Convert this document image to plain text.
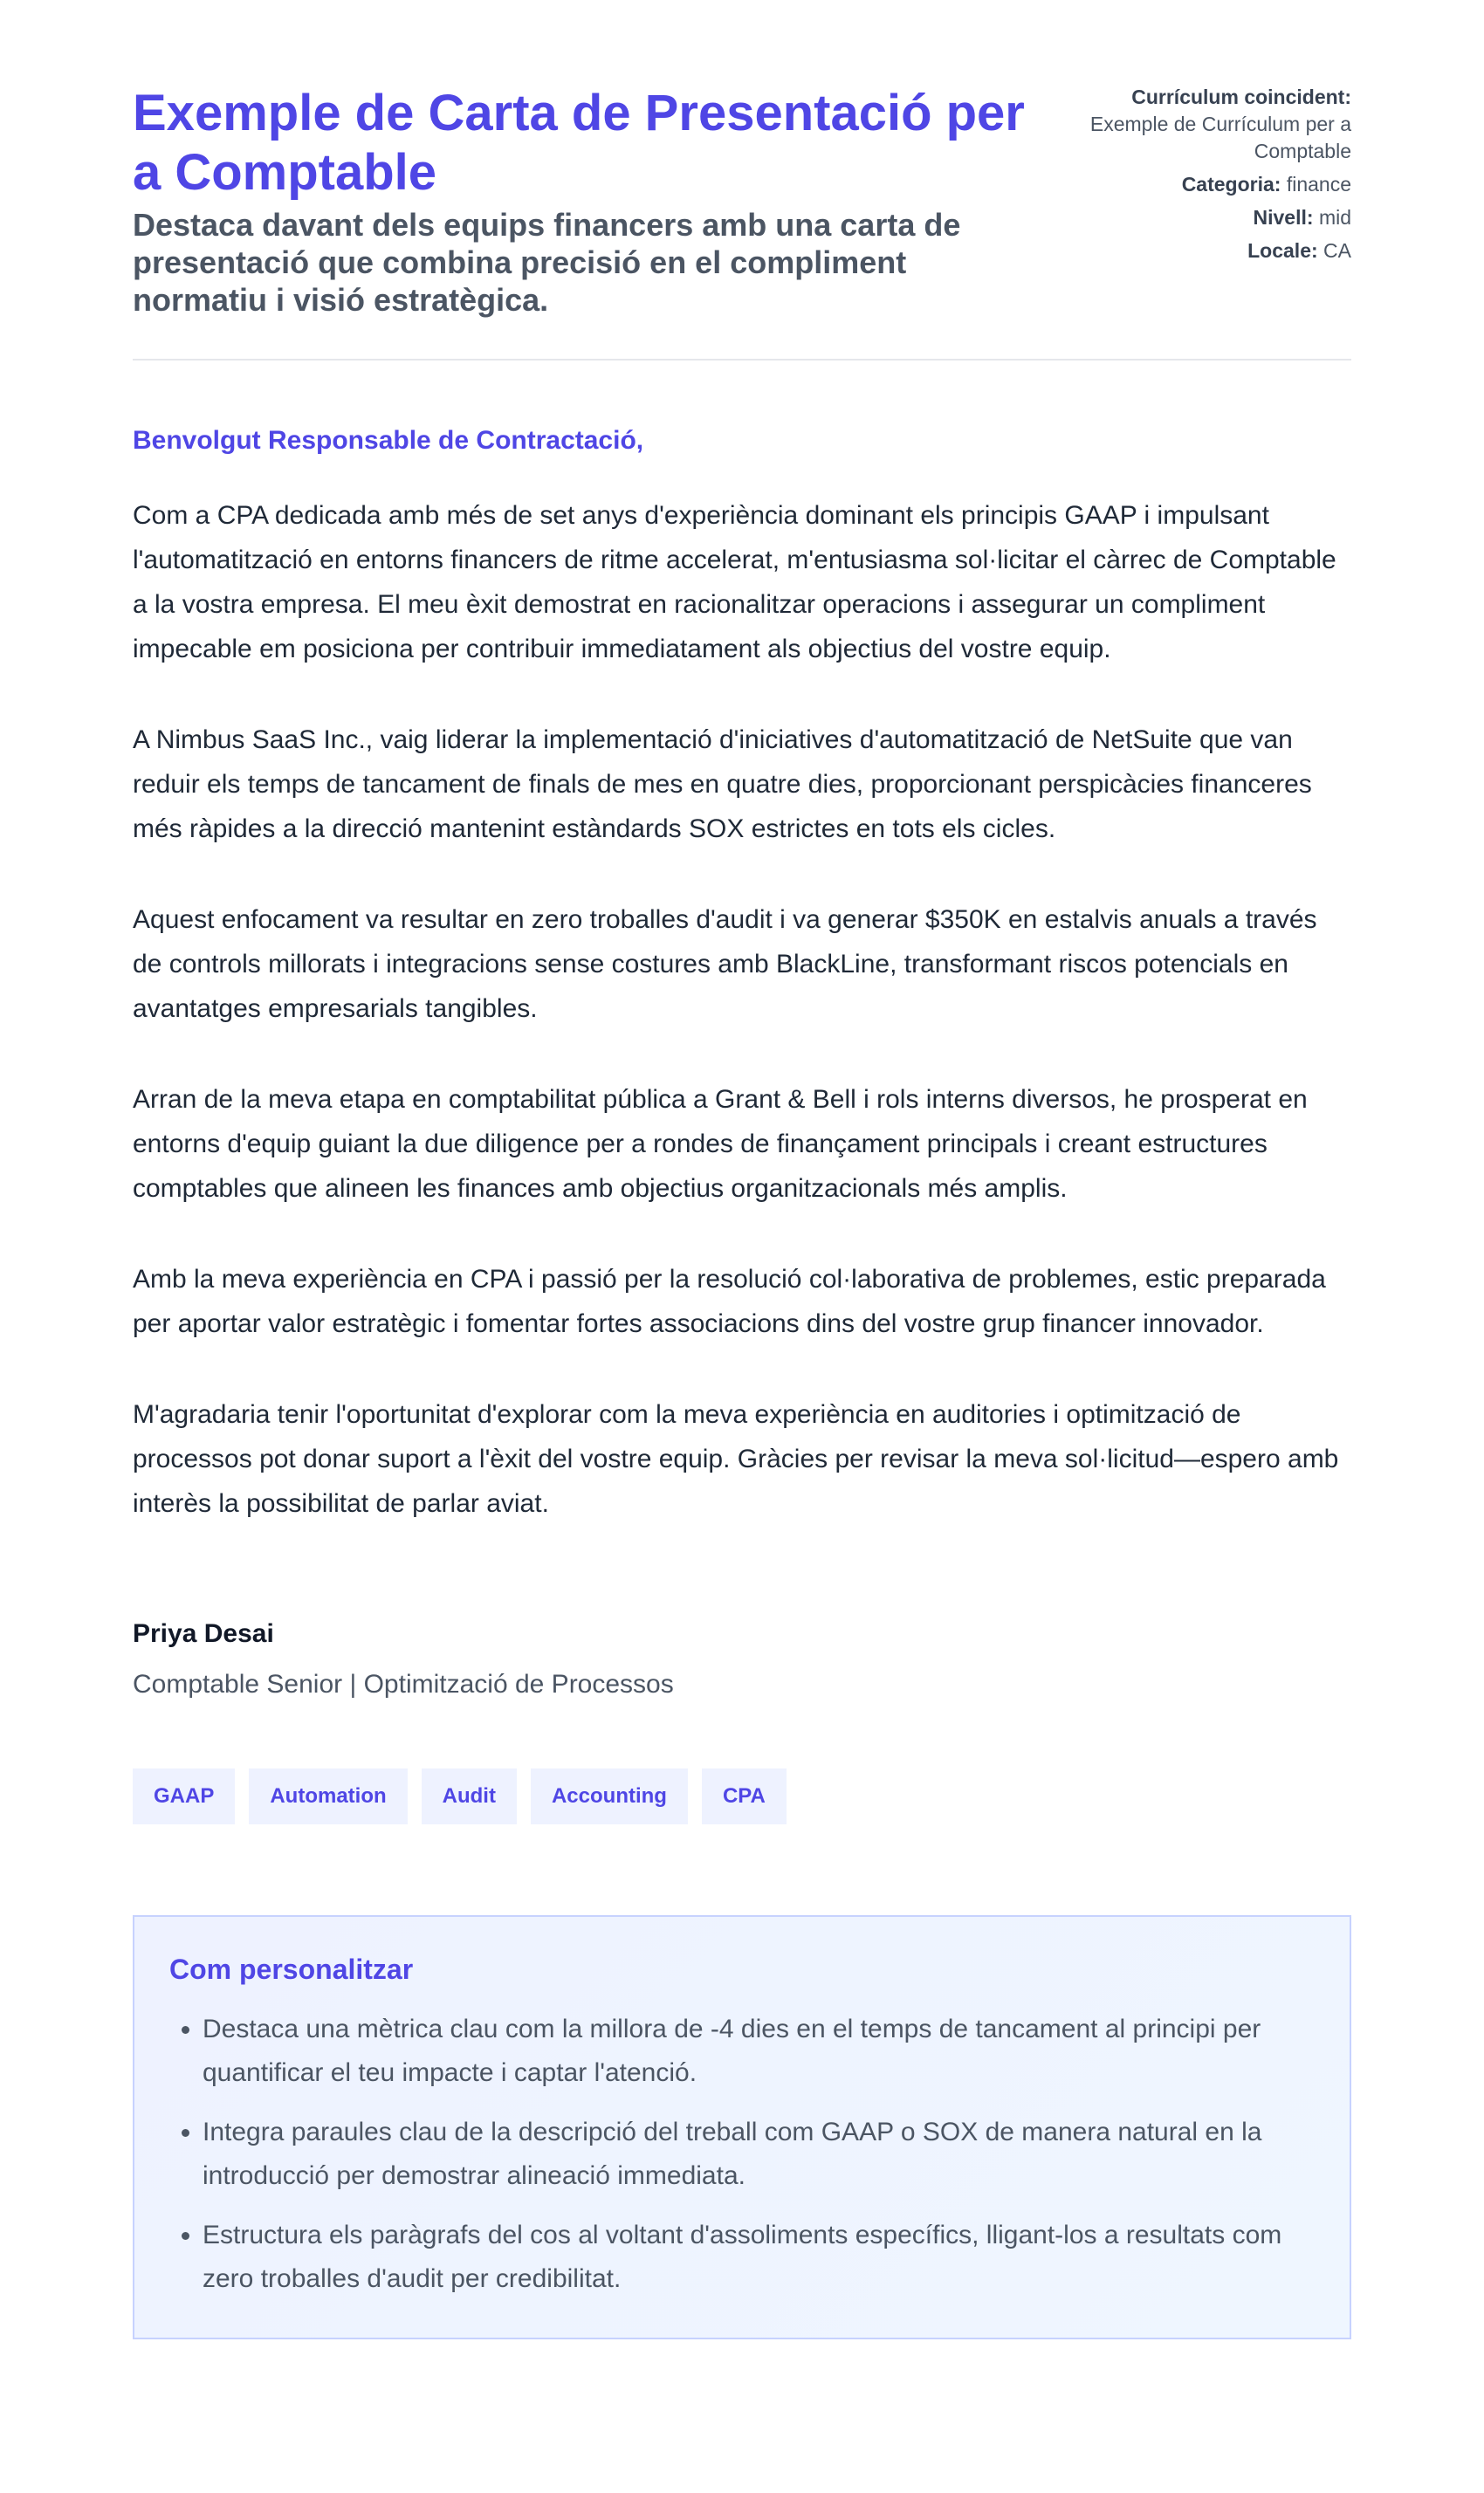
Exemple de Carta de Presentació per a Comptable

Destaca davant dels equips financers amb una carta de presentació que combina precisió en el compliment normatiu i visió estratègica.

Currículum coincident:
Exemple de Currículum per a Comptable
Categoria: finance
Nivell: mid
Locale: CA

Benvolgut Responsable de Contractació,

Com a CPA dedicada amb més de set anys d'experiència dominant els principis GAAP i impulsant l'automatització en entorns financers de ritme accelerat, m'entusiasma sol·licitar el càrrec de Comptable a la vostra empresa. El meu èxit demostrat en racionalitzar operacions i assegurar un compliment impecable em posiciona per contribuir immediatament als objectius del vostre equip.

A Nimbus SaaS Inc., vaig liderar la implementació d'iniciatives d'automatització de NetSuite que van reduir els temps de tancament de finals de mes en quatre dies, proporcionant perspicàcies financeres més ràpides a la direcció mantenint estàndards SOX estrictes en tots els cicles.

Aquest enfocament va resultar en zero troballes d'audit i va generar $350K en estalvis anuals a través de controls millorats i integracions sense costures amb BlackLine, transformant riscos potencials en avantatges empresarials tangibles.

Arran de la meva etapa en comptabilitat pública a Grant & Bell i rols interns diversos, he prosperat en entorns d'equip guiant la due diligence per a rondes de finançament principals i creant estructures comptables que alineen les finances amb objectius organitzacionals més amplis.

Amb la meva experiència en CPA i passió per la resolució col·laborativa de problemes, estic preparada per aportar valor estratègic i fomentar fortes associacions dins del vostre grup financer innovador.

M'agradaria tenir l'oportunitat d'explorar com la meva experiència en auditories i optimització de processos pot donar suport a l'èxit del vostre equip. Gràcies per revisar la meva sol·licitud—espero amb interès la possibilitat de parlar aviat.

Priya Desai
Comptable Senior | Optimització de Processos
GAAP	Automation	Audit	Accounting	CPA
Com personalitzar
• Destaca una mètrica clau com la millora de -4 dies en el temps de tancament al principi per quantificar el teu impacte i captar l'atenció.
• Integra paraules clau de la descripció del treball com GAAP o SOX de manera natural en la introducció per demostrar alineació immediata.
• Estructura els paràgrafs del cos al voltant d'assoliments específics, lligant-los a resultats com zero troballes d'audit per credibilitat.
